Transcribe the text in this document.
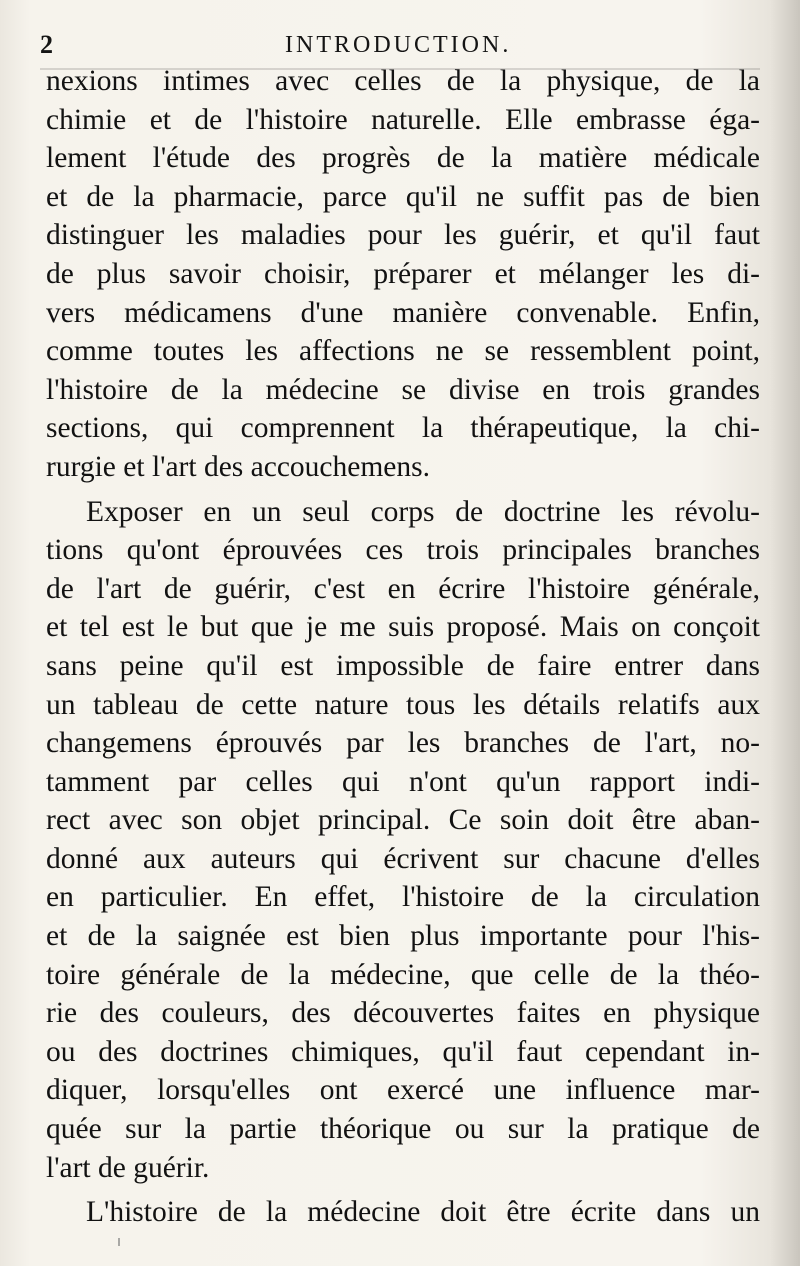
2	INTRODUCTION.
nexions intimes avec celles de la physique, de la
chimie et de l'histoire naturelle. Elle embrasse éga-
lement l'étude des progrès de la matière médicale
et de la pharmacie, parce qu'il ne suffit pas de bien
distinguer les maladies pour les guérir, et qu'il faut
de plus savoir choisir, préparer et mélanger les di-
vers médicamens d'une manière convenable. Enfin,
comme toutes les affections ne se ressemblent point,
l'histoire de la médecine se divise en trois grandes
sections, qui comprennent la thérapeutique, la chi-
rurgie et l'art des accouchemens.
Exposer en un seul corps de doctrine les révolu-
tions qu'ont éprouvées ces trois principales branches
de l'art de guérir, c'est en écrire l'histoire générale,
et tel est le but que je me suis proposé. Mais on conçoit
sans peine qu'il est impossible de faire entrer dans
un tableau de cette nature tous les détails relatifs aux
changemens éprouvés par les branches de l'art, no-
tamment par celles qui n'ont qu'un rapport indi-
rect avec son objet principal. Ce soin doit être aban-
donné aux auteurs qui écrivent sur chacune d'elles
en particulier. En effet, l'histoire de la circulation
et de la saignée est bien plus importante pour l'his-
toire générale de la médecine, que celle de la théo-
rie des couleurs, des découvertes faites en physique
ou des doctrines chimiques, qu'il faut cependant in-
diquer, lorsqu'elles ont exercé une influence mar-
quée sur la partie théorique ou sur la pratique de
l'art de guérir.
L'histoire de la médecine doit être écrite dans un
